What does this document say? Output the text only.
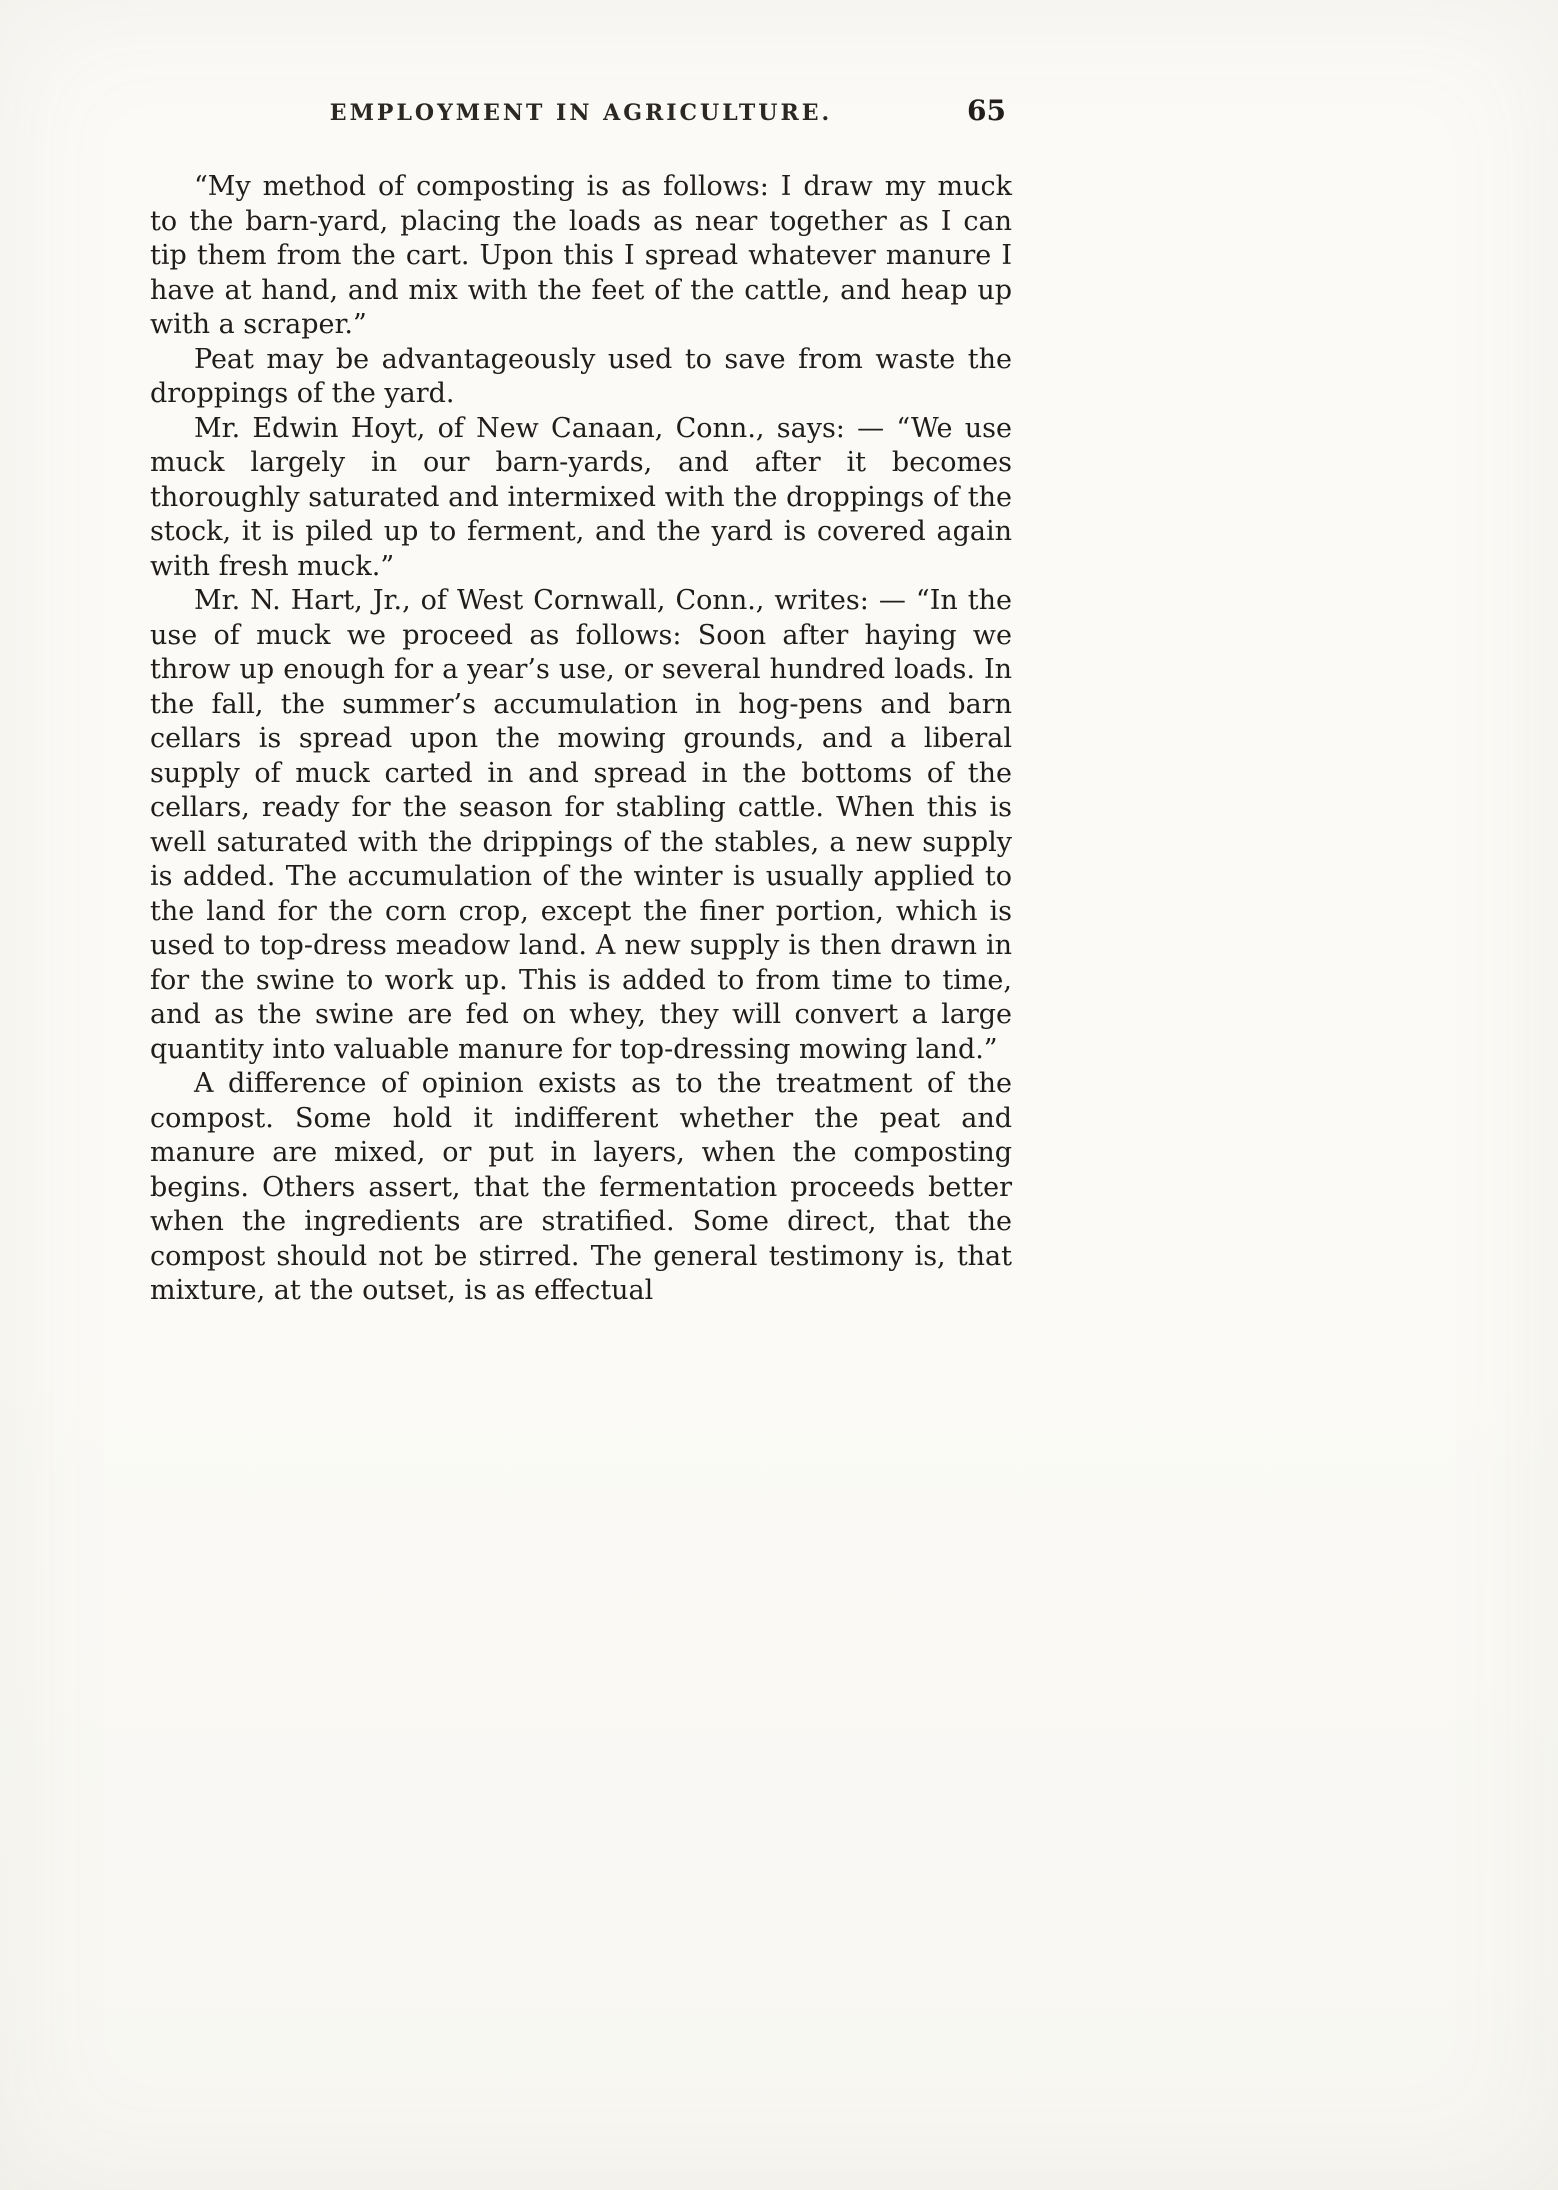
EMPLOYMENT IN AGRICULTURE.	65

“My method of composting is as follows: I draw my muck to the barn-yard, placing the loads as near together as I can tip them from the cart. Upon this I spread whatever manure I have at hand, and mix with the feet of the cattle, and heap up with a scraper.”

Peat may be advantageously used to save from waste the droppings of the yard.

Mr. Edwin Hoyt, of New Canaan, Conn., says: — “We use muck largely in our barn-yards, and after it becomes thoroughly saturated and intermixed with the droppings of the stock, it is piled up to ferment, and the yard is covered again with fresh muck.”

Mr. N. Hart, Jr., of West Cornwall, Conn., writes: — “In the use of muck we proceed as follows: Soon after haying we throw up enough for a year’s use, or several hundred loads. In the fall, the summer’s accumulation in hog-pens and barn cellars is spread upon the mowing grounds, and a liberal supply of muck carted in and spread in the bottoms of the cellars, ready for the season for stabling cattle. When this is well saturated with the drippings of the stables, a new supply is added. The accumulation of the winter is usually applied to the land for the corn crop, except the finer portion, which is used to top-dress meadow land. A new supply is then drawn in for the swine to work up. This is added to from time to time, and as the swine are fed on whey, they will convert a large quantity into valuable manure for top-dressing mowing land.”

A difference of opinion exists as to the treatment of the compost. Some hold it indifferent whether the peat and manure are mixed, or put in layers, when the composting begins. Others assert, that the fermentation proceeds better when the ingredients are stratified. Some direct, that the compost should not be stirred. The general testimony is, that mixture, at the outset, is as effectual
